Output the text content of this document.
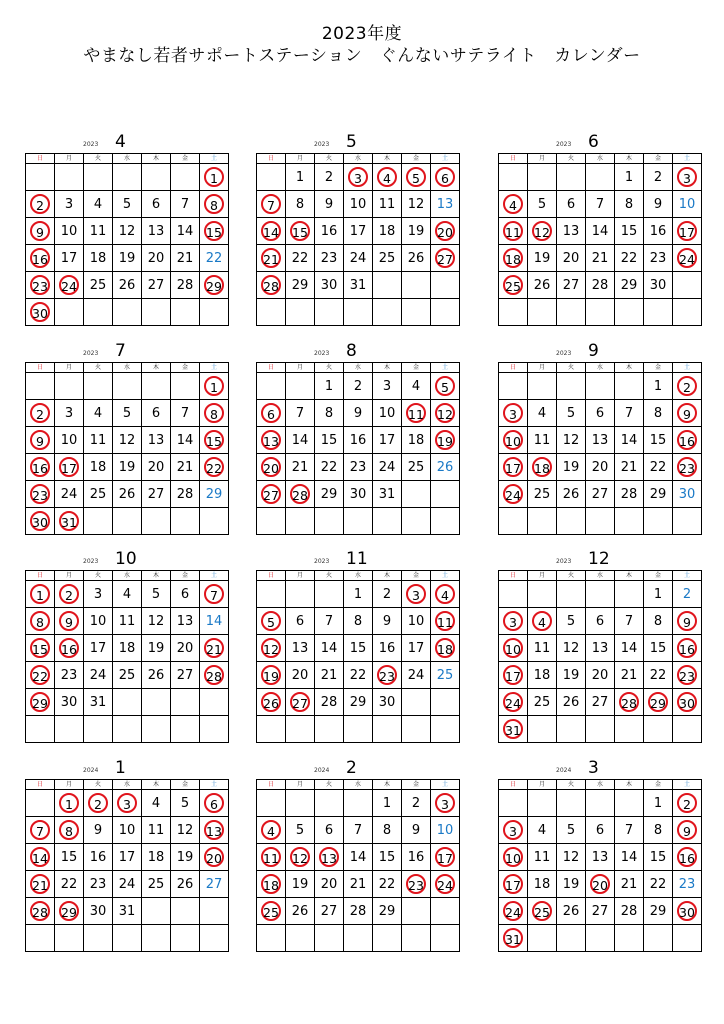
2023年度
やまなし若者サポートステーション　ぐんないサテライト　カレンダー
2023 4
日	月	火	水	木	金	土
						1
2	3	4	5	6	7	8
9	10	11	12	13	14	15
16	17	18	19	20	21	22
23	24	25	26	27	28	29
30						
2023 5
日	月	火	水	木	金	土
	1	2	3	4	5	6
7	8	9	10	11	12	13
14	15	16	17	18	19	20
21	22	23	24	25	26	27
28	29	30	31			

2023 6
日	月	火	水	木	金	土
				1	2	3
4	5	6	7	8	9	10
11	12	13	14	15	16	17
18	19	20	21	22	23	24
25	26	27	28	29	30	

2023 7
日	月	火	水	木	金	土
						1
2	3	4	5	6	7	8
9	10	11	12	13	14	15
16	17	18	19	20	21	22
23	24	25	26	27	28	29
30	31					
2023 8
日	月	火	水	木	金	土
		1	2	3	4	5
6	7	8	9	10	11	12
13	14	15	16	17	18	19
20	21	22	23	24	25	26
27	28	29	30	31		

2023 9
日	月	火	水	木	金	土
					1	2
3	4	5	6	7	8	9
10	11	12	13	14	15	16
17	18	19	20	21	22	23
24	25	26	27	28	29	30

2023 10
日	月	火	水	木	金	土
1	2	3	4	5	6	7
8	9	10	11	12	13	14
15	16	17	18	19	20	21
22	23	24	25	26	27	28
29	30	31				

2023 11
日	月	火	水	木	金	土
			1	2	3	4
5	6	7	8	9	10	11
12	13	14	15	16	17	18
19	20	21	22	23	24	25
26	27	28	29	30		

2023 12
日	月	火	水	木	金	土
					1	2
3	4	5	6	7	8	9
10	11	12	13	14	15	16
17	18	19	20	21	22	23
24	25	26	27	28	29	30
31						
2024 1
日	月	火	水	木	金	土
	1	2	3	4	5	6
7	8	9	10	11	12	13
14	15	16	17	18	19	20
21	22	23	24	25	26	27
28	29	30	31			

2024 2
日	月	火	水	木	金	土
				1	2	3
4	5	6	7	8	9	10
11	12	13	14	15	16	17
18	19	20	21	22	23	24
25	26	27	28	29		

2024 3
日	月	火	水	木	金	土
					1	2
3	4	5	6	7	8	9
10	11	12	13	14	15	16
17	18	19	20	21	22	23
24	25	26	27	28	29	30
31						
